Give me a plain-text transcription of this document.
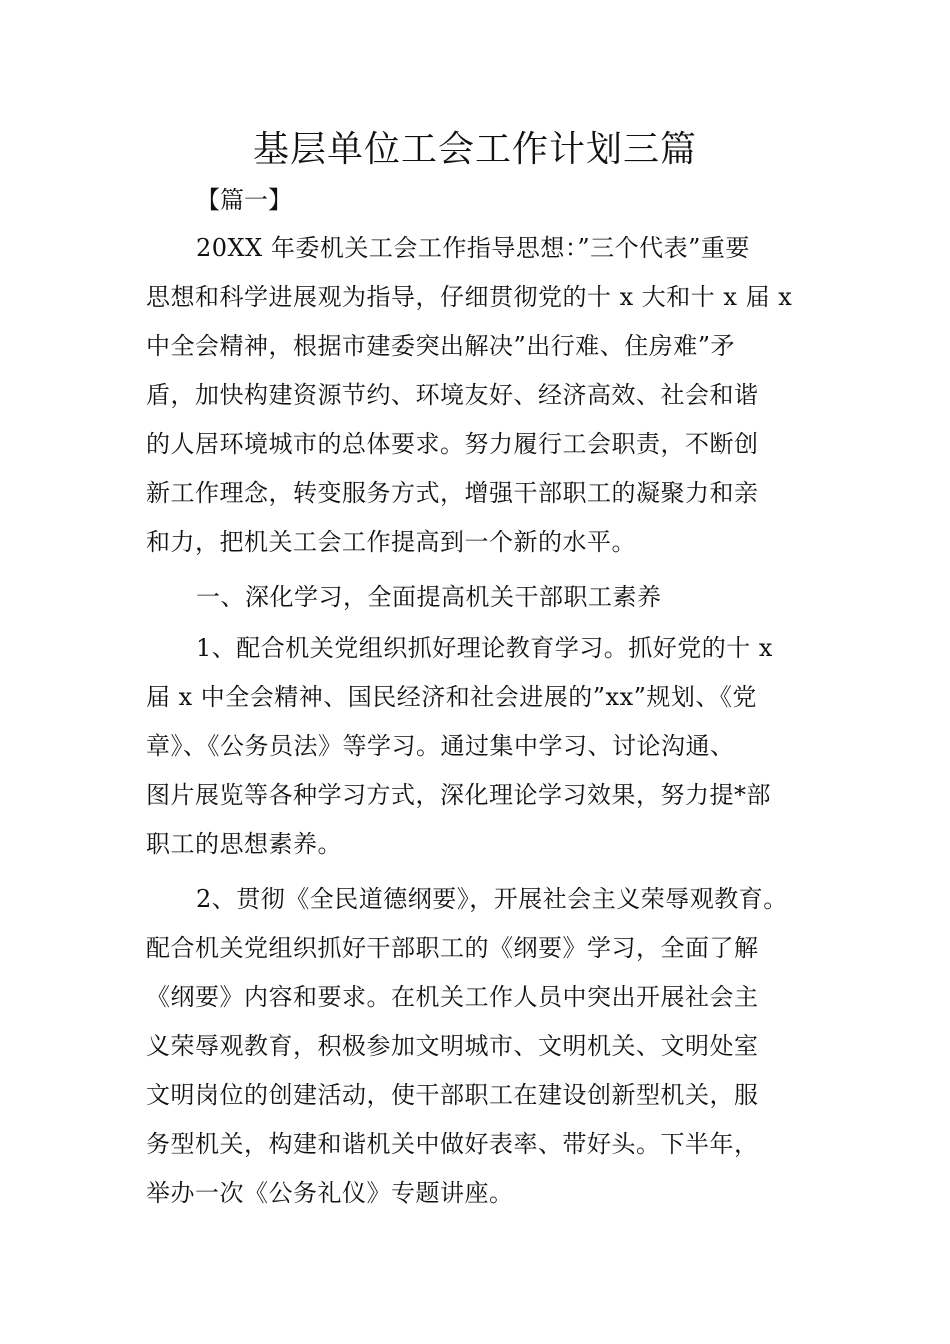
基层单位工会工作计划三篇
【篇一】
20XX 年委机关工会工作指导思想：”三个代表”重要
思想和科学进展观为指导，仔细贯彻党的十 x 大和十 x 届 x
中全会精神，根据市建委突出解决”出行难、住房难”矛
盾，加快构建资源节约、环境友好、经济高效、社会和谐
的人居环境城市的总体要求。努力履行工会职责，不断创
新工作理念，转变服务方式，增强干部职工的凝聚力和亲
和力，把机关工会工作提高到一个新的水平。
一、深化学习，全面提高机关干部职工素养
1、配合机关党组织抓好理论教育学习。抓好党的十 x
届 x 中全会精神、国民经济和社会进展的”xx”规划、《党
章》、《公务员法》等学习。通过集中学习、讨论沟通、
图片展览等各种学习方式，深化理论学习效果，努力提*部
职工的思想素养。
2、贯彻《全民道德纲要》，开展社会主义荣辱观教育。
配合机关党组织抓好干部职工的《纲要》学习，全面了解
《纲要》内容和要求。在机关工作人员中突出开展社会主
义荣辱观教育，积极参加文明城市、文明机关、文明处室
文明岗位的创建活动，使干部职工在建设创新型机关，服
务型机关，构建和谐机关中做好表率、带好头。下半年，
举办一次《公务礼仪》专题讲座。
